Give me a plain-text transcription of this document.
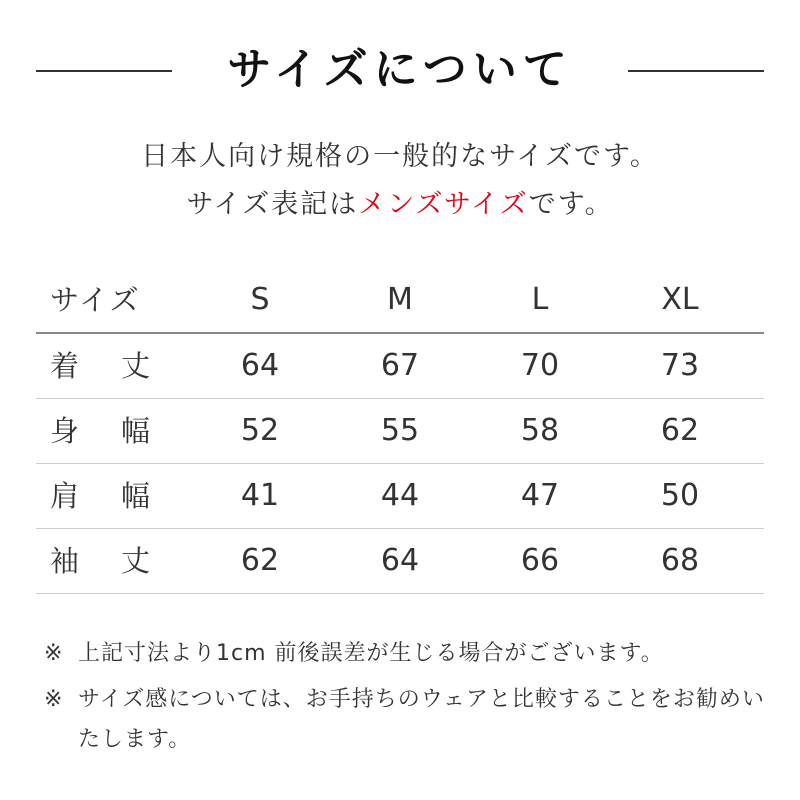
サイズについて
日本人向け規格の一般的なサイズです。
サイズ表記はメンズサイズです。
サイズ	S	M	L	XL
着丈	64	67	70	73
身幅	52	55	58	62
肩幅	41	44	47	50
袖丈	62	64	66	68
※ 上記寸法より1cm 前後誤差が生じる場合がございます。
※ サイズ感については、お手持ちのウェアと比較することをお勧めいたします。
